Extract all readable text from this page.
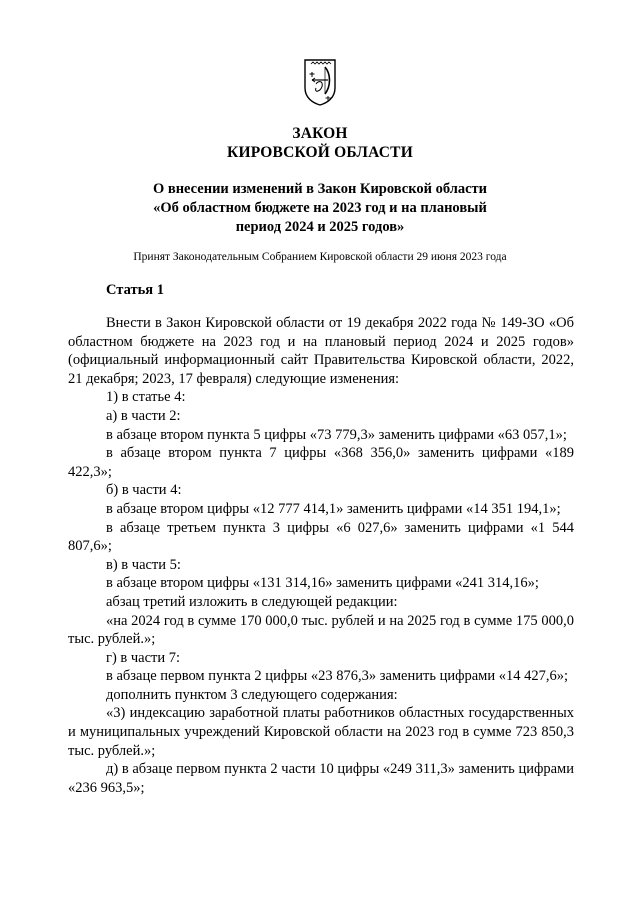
ЗАКОН
КИРОВСКОЙ ОБЛАСТИ
О внесении изменений в Закон Кировской области
«Об областном бюджете на 2023 год и на плановый
период 2024 и 2025 годов»
Принят Законодательным Собранием Кировской области 29 июня 2023 года
Статья 1

Внести в Закон Кировской области от 19 декабря 2022 года № 149-ЗО «Об областном бюджете на 2023 год и на плановый период 2024 и 2025 годов» (официальный информационный сайт Правительства Кировской области, 2022, 21 декабря; 2023, 17 февраля) следующие изменения:

1) в статье 4:

а) в части 2:

в абзаце втором пункта 5 цифры «73 779,3» заменить цифрами «63 057,1»;

в абзаце втором пункта 7 цифры «368 356,0» заменить цифрами «189 422,3»;

б) в части 4:

в абзаце втором цифры «12 777 414,1» заменить цифрами «14 351 194,1»;

в абзаце третьем пункта 3 цифры «6 027,6» заменить цифрами «1 544 807,6»;

в) в части 5:

в абзаце втором цифры «131 314,16» заменить цифрами «241 314,16»;

абзац третий изложить в следующей редакции:

«на 2024 год в сумме 170 000,0 тыс. рублей и на 2025 год в сумме 175 000,0 тыс. рублей.»;

г) в части 7:

в абзаце первом пункта 2 цифры «23 876,3» заменить цифрами «14 427,6»;

дополнить пунктом 3 следующего содержания:

«3) индексацию заработной платы работников областных государственных и муниципальных учреждений Кировской области на 2023 год в сумме 723 850,3 тыс. рублей.»;

д) в абзаце первом пункта 2 части 10 цифры «249 311,3» заменить цифрами «236 963,5»;
